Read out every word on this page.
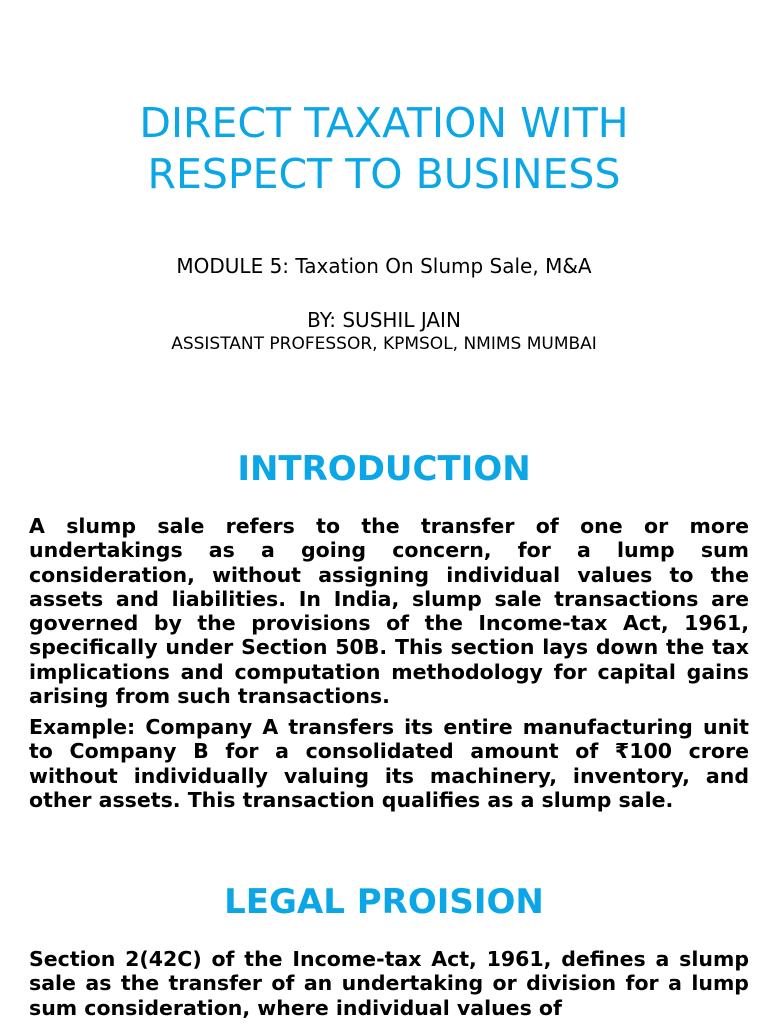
DIRECT TAXATION WITH
RESPECT TO BUSINESS

MODULE 5: Taxation On Slump Sale, M&A

BY: SUSHIL JAIN

ASSISTANT PROFESSOR, KPMSOL, NMIMS MUMBAI

INTRODUCTION

A slump sale refers to the transfer of one or more undertakings as a going concern, for a lump sum consideration, without assigning individual values to the assets and liabilities. In India, slump sale transactions are governed by the provisions of the Income-tax Act, 1961, specifically under Section 50B. This section lays down the tax implications and computation methodology for capital gains arising from such transactions.

Example: Company A transfers its entire manufacturing unit to Company B for a consolidated amount of ₹100 crore without individually valuing its machinery, inventory, and other assets. This transaction qualifies as a slump sale.

LEGAL PROISION

Section 2(42C) of the Income-tax Act, 1961, defines a slump sale as the transfer of an undertaking or division for a lump sum consideration, where individual values of
